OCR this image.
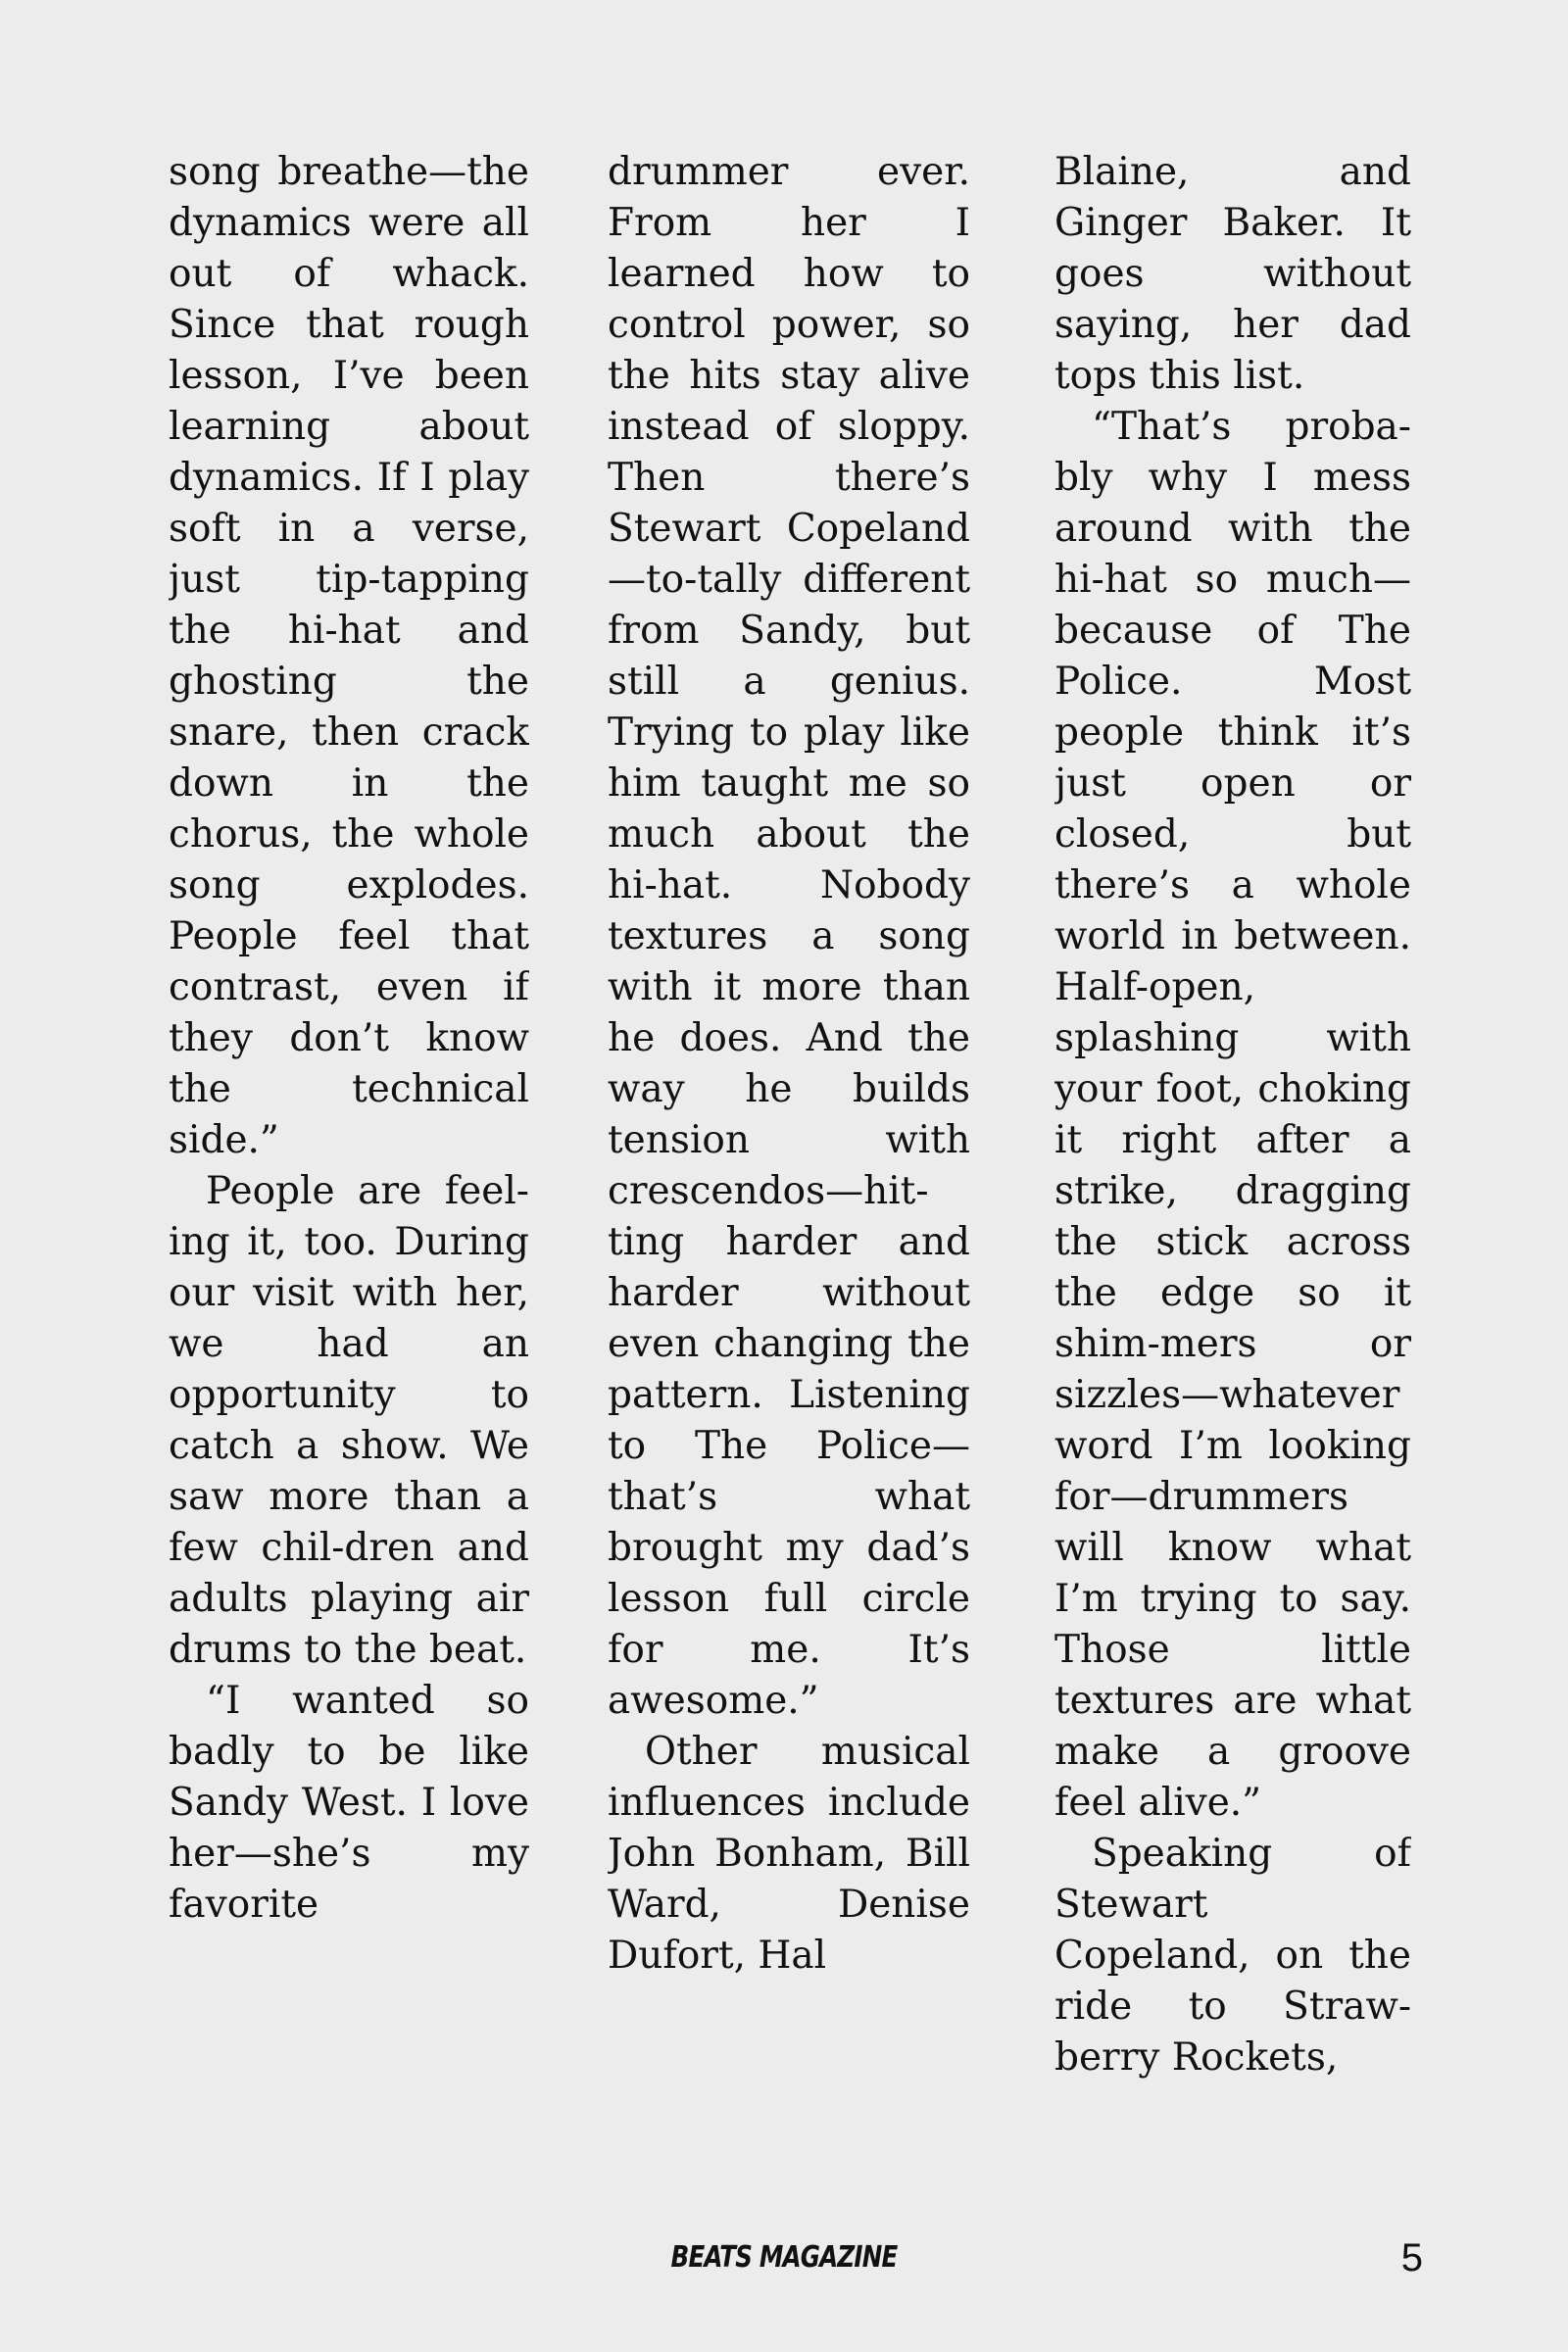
song breathe—the dynamics were all out of whack. Since that rough lesson, I’ve been learning about dynamics. If I play soft in a verse, just tip-tapping the hi-hat and ghosting the snare, then crack down in the chorus, the whole song explodes. People feel that contrast, even if they don’t know the technical side.”

People are feel-ing it, too. During our visit with her, we had an opportunity to catch a show. We saw more than a few chil-dren and adults playing air drums to the beat.

“I wanted so badly to be like Sandy West. I love her—she’s my favorite

drummer ever. From her I learned how to control power, so the hits stay alive instead of sloppy. Then there’s Stewart Copeland—to-tally different from Sandy, but still a genius. Trying to play like him taught me so much about the hi-hat. Nobody textures a song with it more than he does. And the way he builds tension with crescendos—hit-ting harder and harder without even changing the pattern. Listening to The Police—that’s what brought my dad’s lesson full circle for me. It’s awesome.”

Other musical influences include John Bonham, Bill Ward, Denise Dufort, Hal

Blaine, and Ginger Baker. It goes without saying, her dad tops this list.

“That’s proba-bly why I mess around with the hi-hat so much—because of The Police. Most people think it’s just open or closed, but there’s a whole world in between. Half-open, splashing with your foot, choking it right after a strike, dragging the stick across the edge so it shim-mers or sizzles—whatever word I’m looking for—drummers will know what I’m trying to say. Those little textures are what make a groove feel alive.”

Speaking of Stewart Copeland, on the ride to Straw-berry Rockets,

BEATS MAGAZINE	5
